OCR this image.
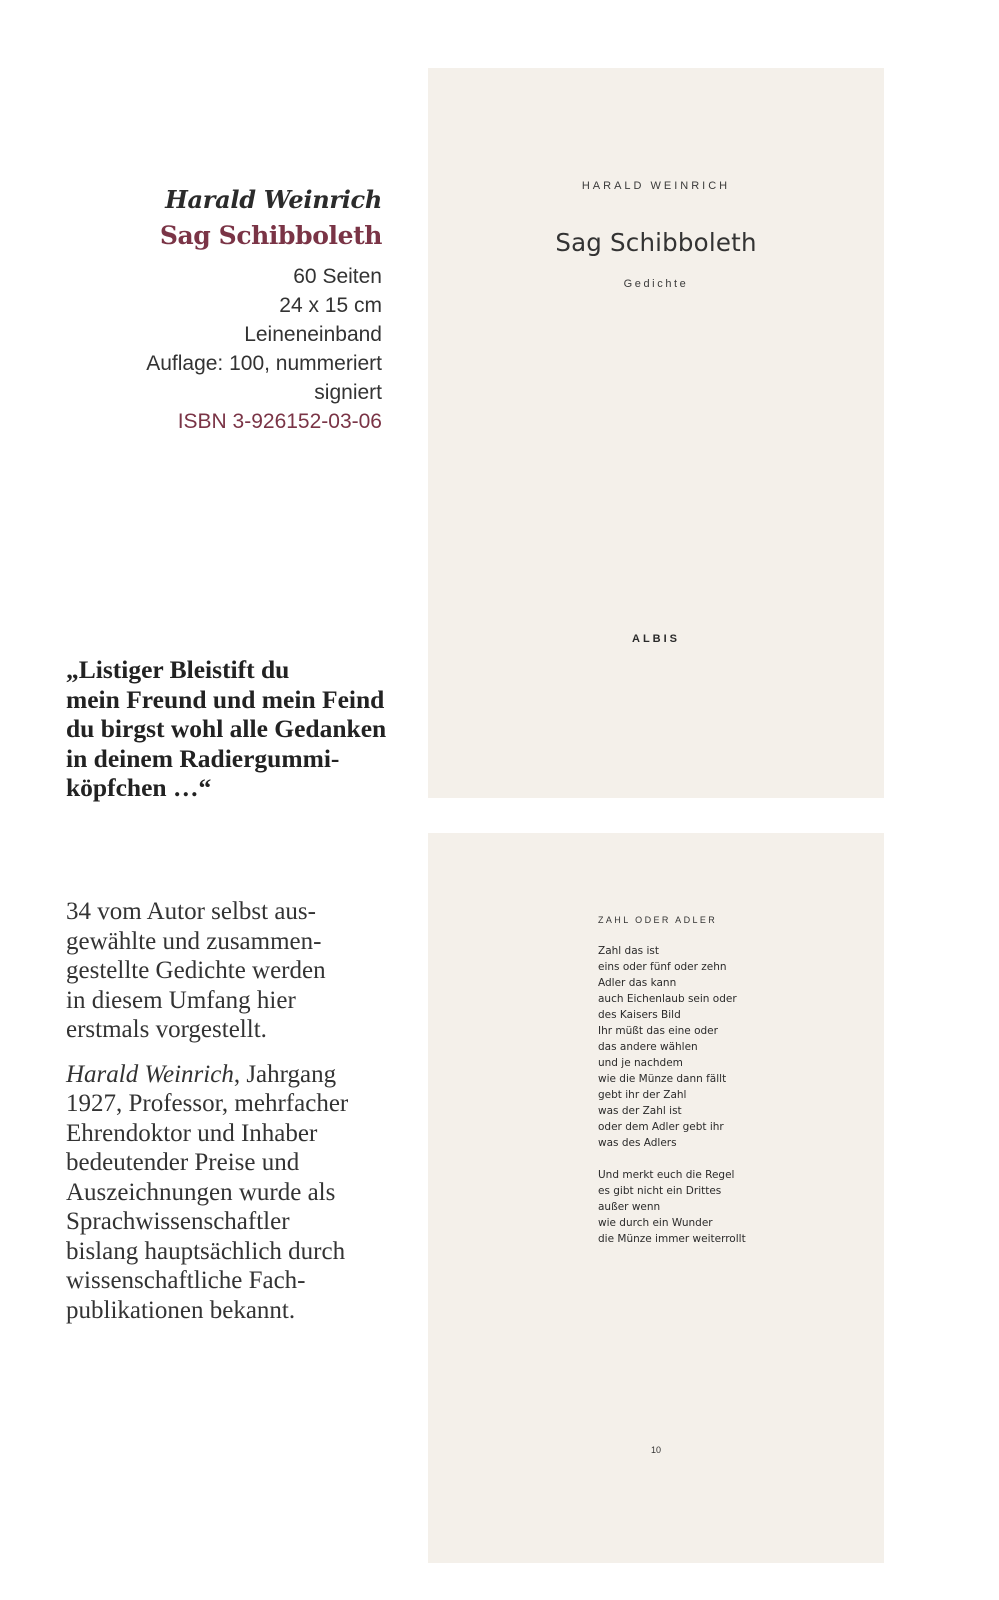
Harald Weinrich
Sag Schibboleth
60 Seiten
24 x 15 cm
Leineneinband
Auflage: 100, nummeriert
signiert
ISBN 3-926152-03-06
„Listiger Bleistift du
mein Freund und mein Feind
du birgst wohl alle Gedanken
in deinem Radiergummi-
köpfchen …“
34 vom Autor selbst aus-
gewählte und zusammen-
gestellte Gedichte werden
in diesem Umfang hier
erstmals vorgestellt.
Harald Weinrich, Jahrgang
1927, Professor, mehrfacher
Ehrendoktor und Inhaber
bedeutender Preise und
Auszeichnungen wurde als
Sprachwissenschaftler
bislang hauptsächlich durch
wissenschaftliche Fach-
publikationen bekannt.
HARALD WEINRICH
Sag Schibboleth
Gedichte
ALBIS
ZAHL ODER ADLER
Zahl das ist
eins oder fünf oder zehn
Adler das kann
auch Eichenlaub sein oder
des Kaisers Bild
Ihr müßt das eine oder
das andere wählen
und je nachdem
wie die Münze dann fällt
gebt ihr der Zahl
was der Zahl ist
oder dem Adler gebt ihr
was des Adlers
Und merkt euch die Regel
es gibt nicht ein Drittes
außer wenn
wie durch ein Wunder
die Münze immer weiterrollt
10
